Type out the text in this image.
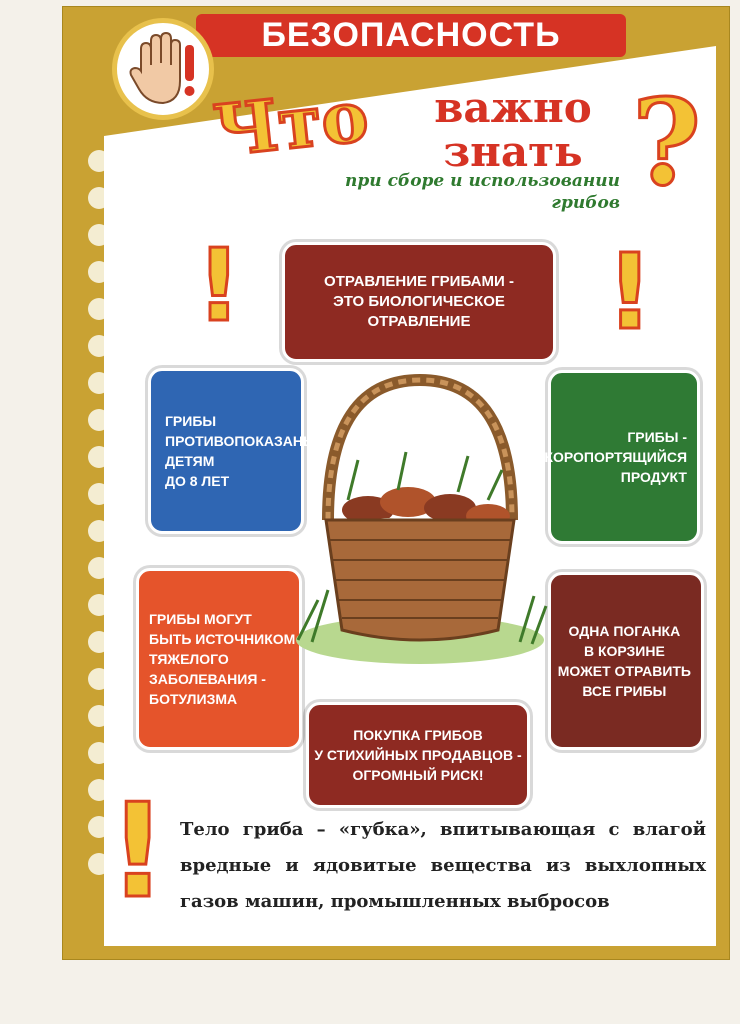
БЕЗОПАСНОСТЬ
Что	важно
знать ?
при сборе и использовании
грибов
!	!
!
ОТРАВЛЕНИЕ ГРИБАМИ -
ЭТО БИОЛОГИЧЕСКОЕ
ОТРАВЛЕНИЕ
ГРИБЫ
ПРОТИВОПОКАЗАНЫ
ДЕТЯМ
ДО 8 ЛЕТ
ГРИБЫ -
СКОРОПОРТЯЩИЙСЯ
ПРОДУКТ
ГРИБЫ МОГУТ
БЫТЬ ИСТОЧНИКОМ
ТЯЖЕЛОГО
ЗАБОЛЕВАНИЯ -
БОТУЛИЗМА
ОДНА ПОГАНКА
В КОРЗИНЕ
МОЖЕТ ОТРАВИТЬ
ВСЕ ГРИБЫ
ПОКУПКА ГРИБОВ
У СТИХИЙНЫХ ПРОДАВЦОВ -
ОГРОМНЫЙ РИСК!
Тело гриба – «губка», впитывающая с влагой вредные и ядовитые вещества из выхлопных газов машин, промышленных выбросов
